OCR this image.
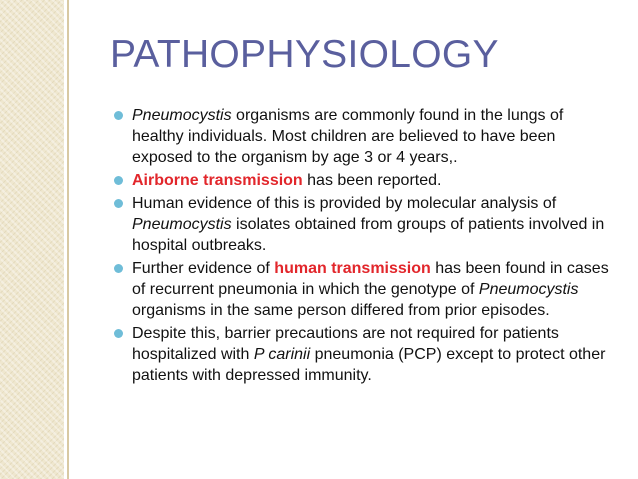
PATHOPHYSIOLOGY
Pneumocystis organisms are commonly found in the lungs of healthy individuals. Most children are believed to have been exposed to the organism by age 3 or 4 years,.
Airborne transmission has been reported.
Human evidence of this is provided by molecular analysis of Pneumocystis isolates obtained from groups of patients involved in hospital outbreaks.
Further evidence of human transmission has been found in cases of recurrent pneumonia in which the genotype of Pneumocystis organisms in the same person differed from prior episodes.
Despite this, barrier precautions are not required for patients hospitalized with P carinii pneumonia (PCP) except to protect other patients with depressed immunity.
